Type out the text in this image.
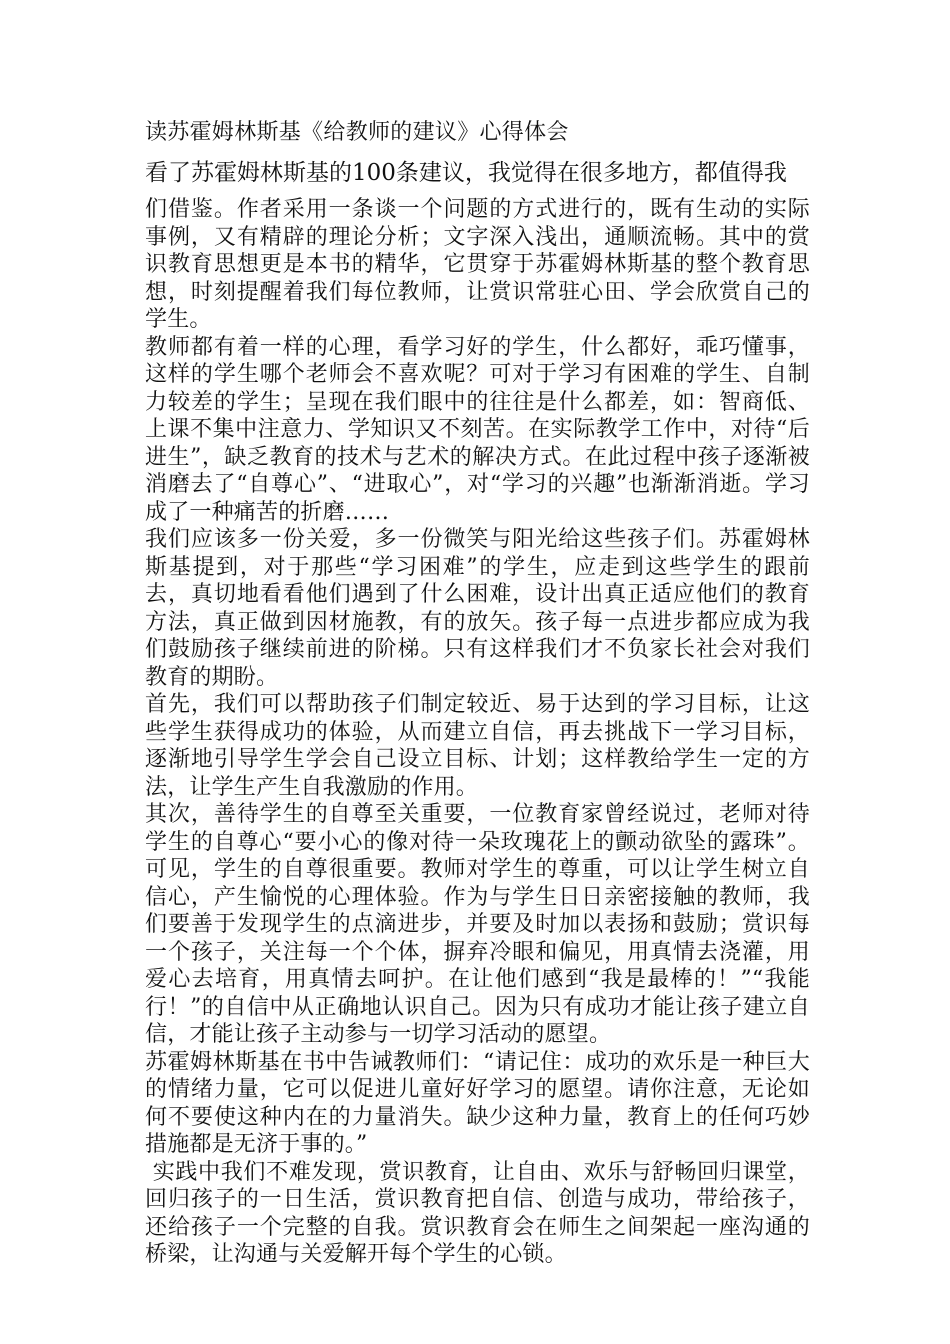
读苏霍姆林斯基《给教师的建议》心得体会

看了苏霍姆林斯基的100条建议，我觉得在很多地方，都值得我

们借鉴。作者采用一条谈一个问题的方式进行的，既有生动的实际事例，又有精辟的理论分析；文字深入浅出，通顺流畅。其中的赏识教育思想更是本书的精华，它贯穿于苏霍姆林斯基的整个教育思想，时刻提醒着我们每位教师，让赏识常驻心田、学会欣赏自己的学生。

教师都有着一样的心理，看学习好的学生，什么都好，乖巧懂事，这样的学生哪个老师会不喜欢呢？可对于学习有困难的学生、自制力较差的学生；呈现在我们眼中的往往是什么都差，如：智商低、上课不集中注意力、学知识又不刻苦。在实际教学工作中，对待“后进生”，缺乏教育的技术与艺术的解决方式。在此过程中孩子逐渐被消磨去了“自尊心”、“进取心”，对“学习的兴趣”也渐渐消逝。学习成了一种痛苦的折磨……

我们应该多一份关爱，多一份微笑与阳光给这些孩子们。苏霍姆林斯基提到，对于那些“学习困难”的学生，应走到这些学生的跟前去，真切地看看他们遇到了什么困难，设计出真正适应他们的教育方法，真正做到因材施教，有的放矢。孩子每一点进步都应成为我们鼓励孩子继续前进的阶梯。只有这样我们才不负家长社会对我们教育的期盼。

首先，我们可以帮助孩子们制定较近、易于达到的学习目标，让这些学生获得成功的体验，从而建立自信，再去挑战下一学习目标，逐渐地引导学生学会自己设立目标、计划；这样教给学生一定的方法，让学生产生自我激励的作用。

其次，善待学生的自尊至关重要，一位教育家曾经说过，老师对待学生的自尊心“要小心的像对待一朵玫瑰花上的颤动欲坠的露珠”。可见，学生的自尊很重要。教师对学生的尊重，可以让学生树立自信心，产生愉悦的心理体验。作为与学生日日亲密接触的教师，我们要善于发现学生的点滴进步，并要及时加以表扬和鼓励；赏识每一个孩子，关注每一个个体，摒弃冷眼和偏见，用真情去浇灌，用爱心去培育，用真情去呵护。在让他们感到“我是最棒的！”“我能行！”的自信中从正确地认识自己。因为只有成功才能让孩子建立自信，才能让孩子主动参与一切学习活动的愿望。

苏霍姆林斯基在书中告诫教师们：“请记住：成功的欢乐是一种巨大的情绪力量，它可以促进儿童好好学习的愿望。请你注意，无论如何不要使这种内在的力量消失。缺少这种力量，教育上的任何巧妙措施都是无济于事的。”

实践中我们不难发现，赏识教育，让自由、欢乐与舒畅回归课堂，回归孩子的一日生活，赏识教育把自信、创造与成功，带给孩子，还给孩子一个完整的自我。赏识教育会在师生之间架起一座沟通的桥梁，让沟通与关爱解开每个学生的心锁。
